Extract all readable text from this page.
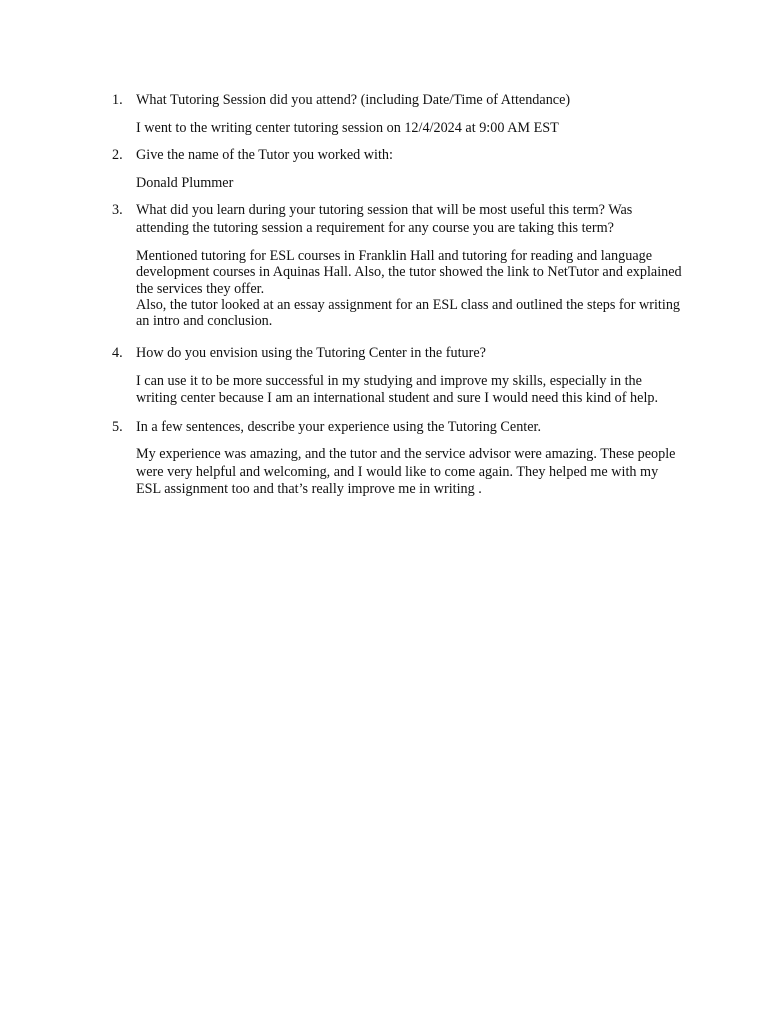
1. What Tutoring Session did you attend? (including Date/Time of Attendance)

I went to the writing center tutoring session on 12/4/2024 at 9:00 AM EST
2. Give the name of the Tutor you worked with:

Donald Plummer
3. What did you learn during your tutoring session that will be most useful this term? Was attending the tutoring session a requirement for any course you are taking this term?

Mentioned tutoring for ESL courses in Franklin Hall and tutoring for reading and language development courses in Aquinas Hall. Also, the tutor showed the link to NetTutor and explained the services they offer.
Also, the tutor looked at an essay assignment for an ESL class and outlined the steps for writing an intro and conclusion.
4. How do you envision using the Tutoring Center in the future?

I can use it to be more successful in my studying and improve my skills, especially in the writing center because I am an international student and sure I would need this kind of help.
5. In a few sentences, describe your experience using the Tutoring Center.

My experience was amazing, and the tutor and the service advisor were amazing. These people were very helpful and welcoming, and I would like to come again. They helped me with my ESL assignment too and that’s really improve me in writing .
